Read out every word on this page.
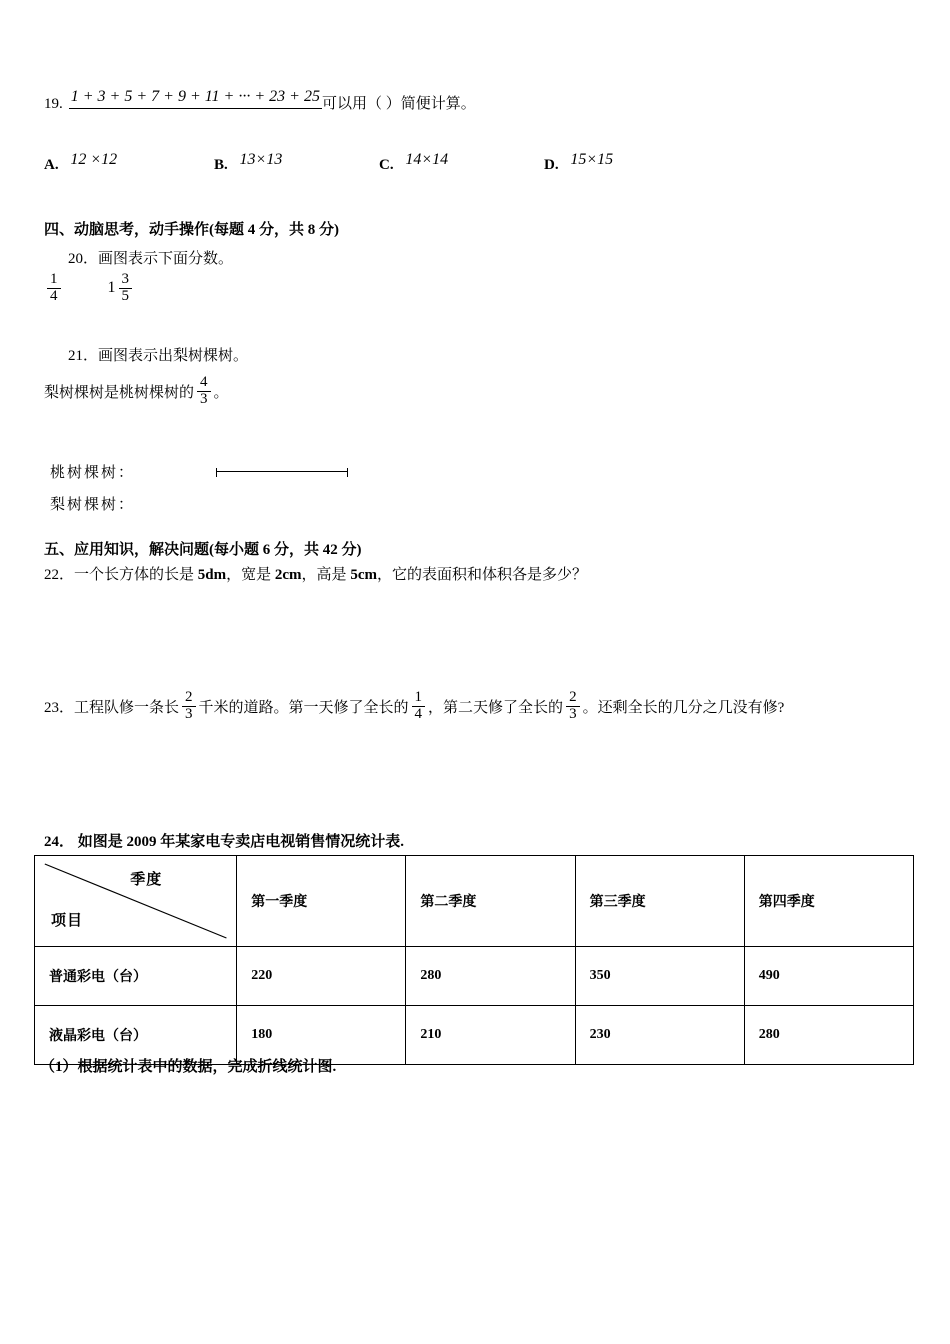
19. 1 + 3 + 5 + 7 + 9 + 11 + ··· + 23 + 25 可以用（ ）简便计算。
A. 12 ×12	B. 13×13	C. 14×14	D. 15×15
四、动脑思考，动手操作(每题 4 分，共 8 分)
20．画图表示下面分数。
$\frac{1}{4}$	$1 \frac{3}{5}$
21．画图表示出梨树棵树。
梨树棵树是桃树棵树的 $\frac{4}{3}$ 。
桃树棵树：
梨树棵树：
五、应用知识，解决问题(每小题 6 分，共 42 分)
22．一个长方体的长是 5dm，宽是 2cm，高是 5cm，它的表面积和体积各是多少？
23． 工程队修一条长 $\frac{2}{3}$ 千米的道路。第一天修了全长的 $\frac{1}{4}$ ，第二天修了全长的 $\frac{2}{3}$ 。还剩全长的几分之几没有修?
24． 如图是 2009 年某家电专卖店电视销售情况统计表.
季度
项目	第一季度	第二季度	第三季度	第四季度
普通彩电（台）	220	280	350	490
液晶彩电（台）	180	210	230	280
（1）根据统计表中的数据，完成折线统计图.
